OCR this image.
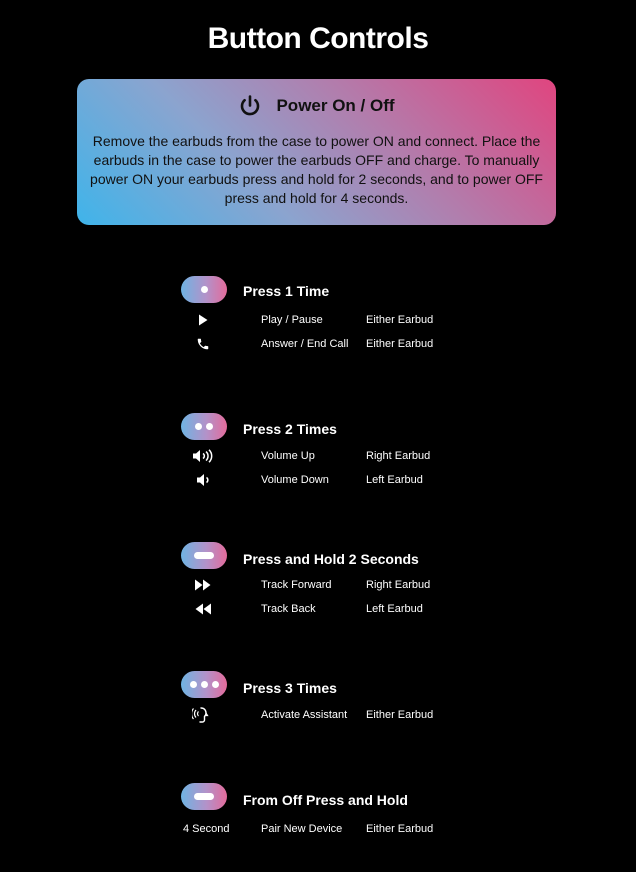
Button Controls
Power On / Off
Remove the earbuds from the case to power ON and connect. Place the earbuds in the case to power the earbuds OFF and charge. To manually power ON your earbuds press and hold for 2 seconds, and to power OFF press and hold for 4 seconds.
Press 1 Time
Play / Pause	Either Earbud
Answer / End Call Either Earbud
Press 2 Times
Volume Up	Right Earbud
Volume Down	Left Earbud
Press and Hold 2 Seconds
Track Forward	Right Earbud
Track Back	Left Earbud
Press 3 Times
Activate Assistant Either Earbud
From Off Press and Hold
4 Second	Pair New Device Either Earbud
